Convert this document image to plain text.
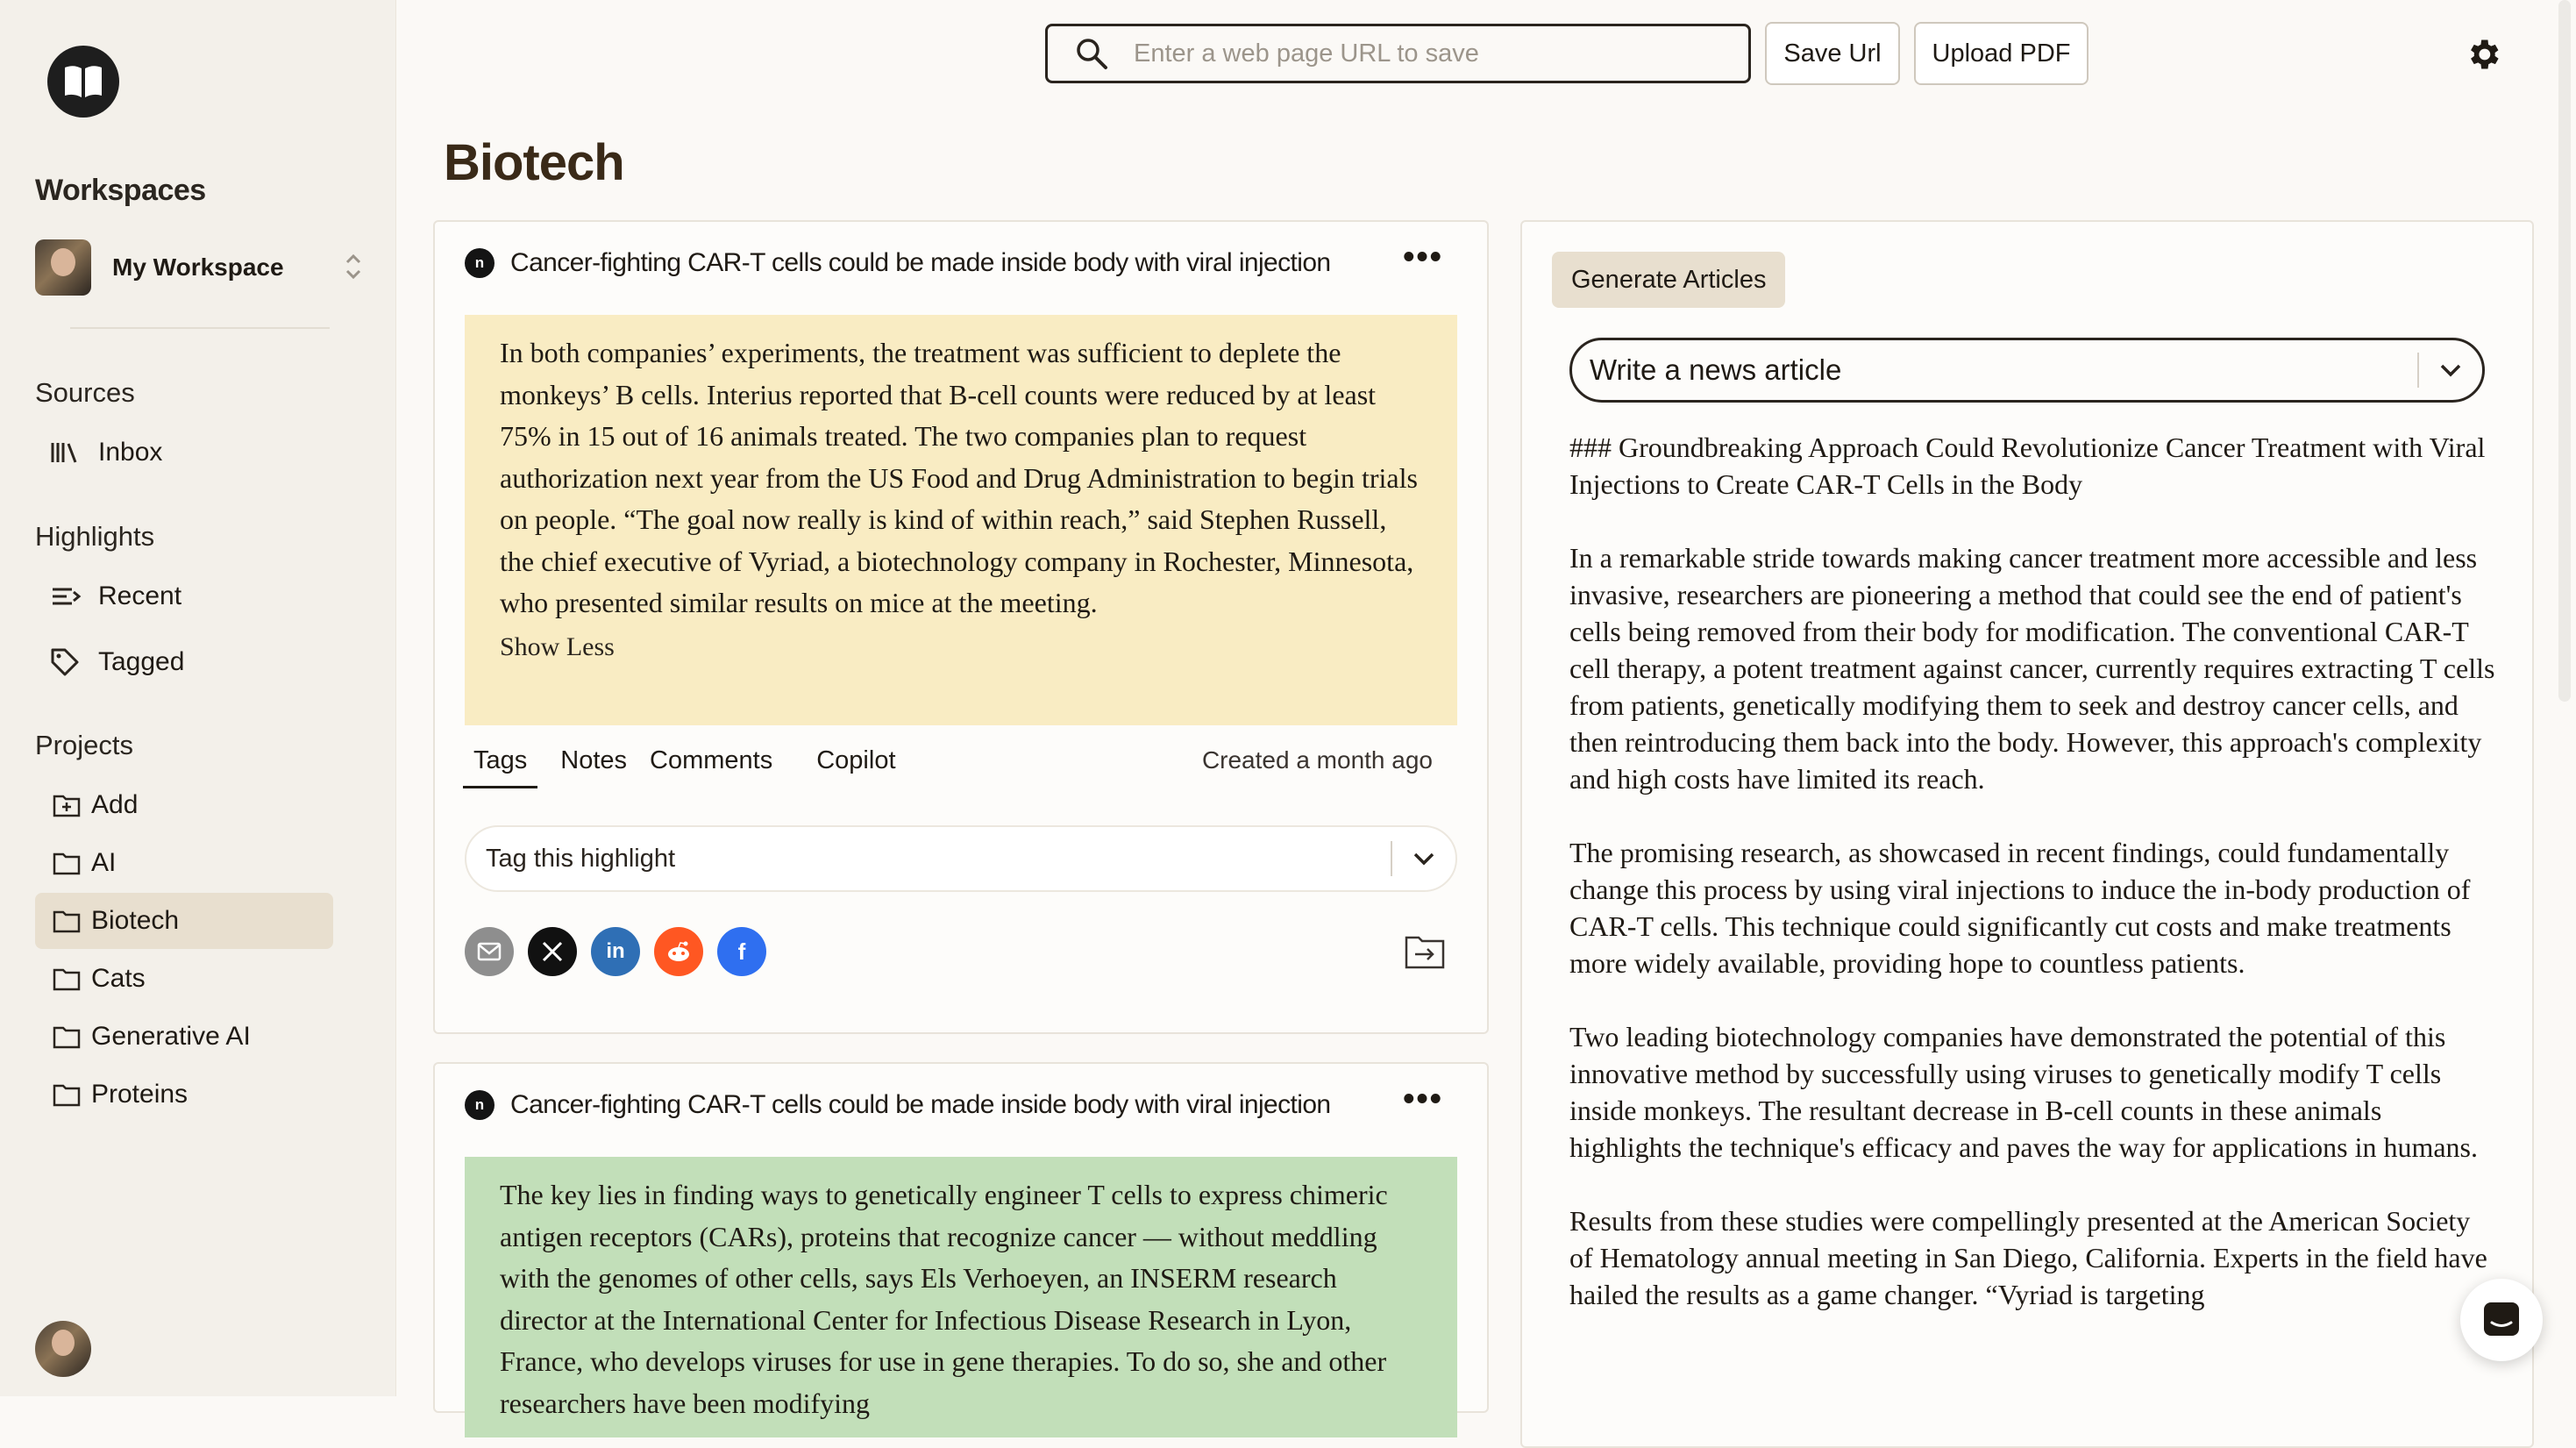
Workspaces
My Workspace
Sources
Inbox
Highlights
Recent
Tagged
Projects
Add
AI
Biotech
Cats
Generative AI
Proteins
Enter a web page URL to save
Save Url	Upload PDF
Biotech
n Cancer-fighting CAR-T cells could be made inside body with viral injection •••
In both companies’ experiments, the treatment was sufficient to deplete the monkeys’ B cells. Interius reported that B-cell counts were reduced by at least 75% in 15 out of 16 animals treated. The two companies plan to request authorization next year from the US Food and Drug Administration to begin trials on people. “The goal now really is kind of within reach,” said Stephen Russell, the chief executive of Vyriad, a biotechnology company in Rochester, Minnesota, who presented similar results on mice at the meeting.
Show Less
Tags	Notes Comments Copilot	Created a month ago
Tag this highlight
in	f
n Cancer-fighting CAR-T cells could be made inside body with viral injection •••
The key lies in finding ways to genetically engineer T cells to express chimeric antigen receptors (CARs), proteins that recognize cancer — without meddling with the genomes of other cells, says Els Verhoeyen, an INSERM research director at the International Center for Infectious Disease Research in Lyon, France, who develops viruses for use in gene therapies. To do so, she and other researchers have been modifying
Generate Articles
Write a news article

### Groundbreaking Approach Could Revolutionize Cancer Treatment with Viral Injections to Create CAR-T Cells in the Body

In a remarkable stride towards making cancer treatment more accessible and less invasive, researchers are pioneering a method that could see the end of patient's cells being removed from their body for modification. The conventional CAR-T cell therapy, a potent treatment against cancer, currently requires extracting T cells from patients, genetically modifying them to seek and destroy cancer cells, and then reintroducing them back into the body. However, this approach's complexity and high costs have limited its reach.

The promising research, as showcased in recent findings, could fundamentally change this process by using viral injections to induce the in-body production of CAR-T cells. This technique could significantly cut costs and make treatments more widely available, providing hope to countless patients.

Two leading biotechnology companies have demonstrated the potential of this innovative method by successfully using viruses to genetically modify T cells inside monkeys. The resultant decrease in B-cell counts in these animals highlights the technique's efficacy and paves the way for applications in humans.

Results from these studies were compellingly presented at the American Society of Hematology annual meeting in San Diego, California. Experts in the field have hailed the results as a game changer. “Vyriad is targeting
